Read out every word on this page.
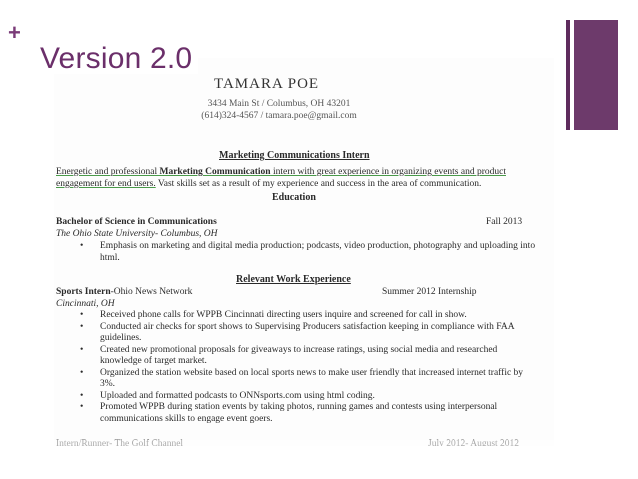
+
Version 2.0
TAMARA POE
3434 Main St / Columbus, OH 43201
(614)324-4567 / tamara.poe@gmail.com
Marketing Communications Intern
Energetic and professional Marketing Communication intern with great experience in organizing events and product engagement for end users. Vast skills set as a result of my experience and success in the area of communication.
Education
Bachelor of Science in Communications	Fall 2013
The Ohio State University- Columbus, OH
• Emphasis on marketing and digital media production; podcasts, video production, photography and uploading into html.
Relevant Work Experience
Sports Intern-Ohio News Network	Summer 2012 Internship
Cincinnati, OH
• Received phone calls for WPPB Cincinnati directing users inquire and screened for call in show.
• Conducted air checks for sport shows to Supervising Producers satisfaction keeping in compliance with FAA guidelines.
• Created new promotional proposals for giveaways to increase ratings, using social media and researched knowledge of target market.
• Organized the station website based on local sports news to make user friendly that increased internet traffic by 3%.
• Uploaded and formatted podcasts to ONNsports.com using html coding.
• Promoted WPPB during station events by taking photos, running games and contests using interpersonal communications skills to engage event goers.
